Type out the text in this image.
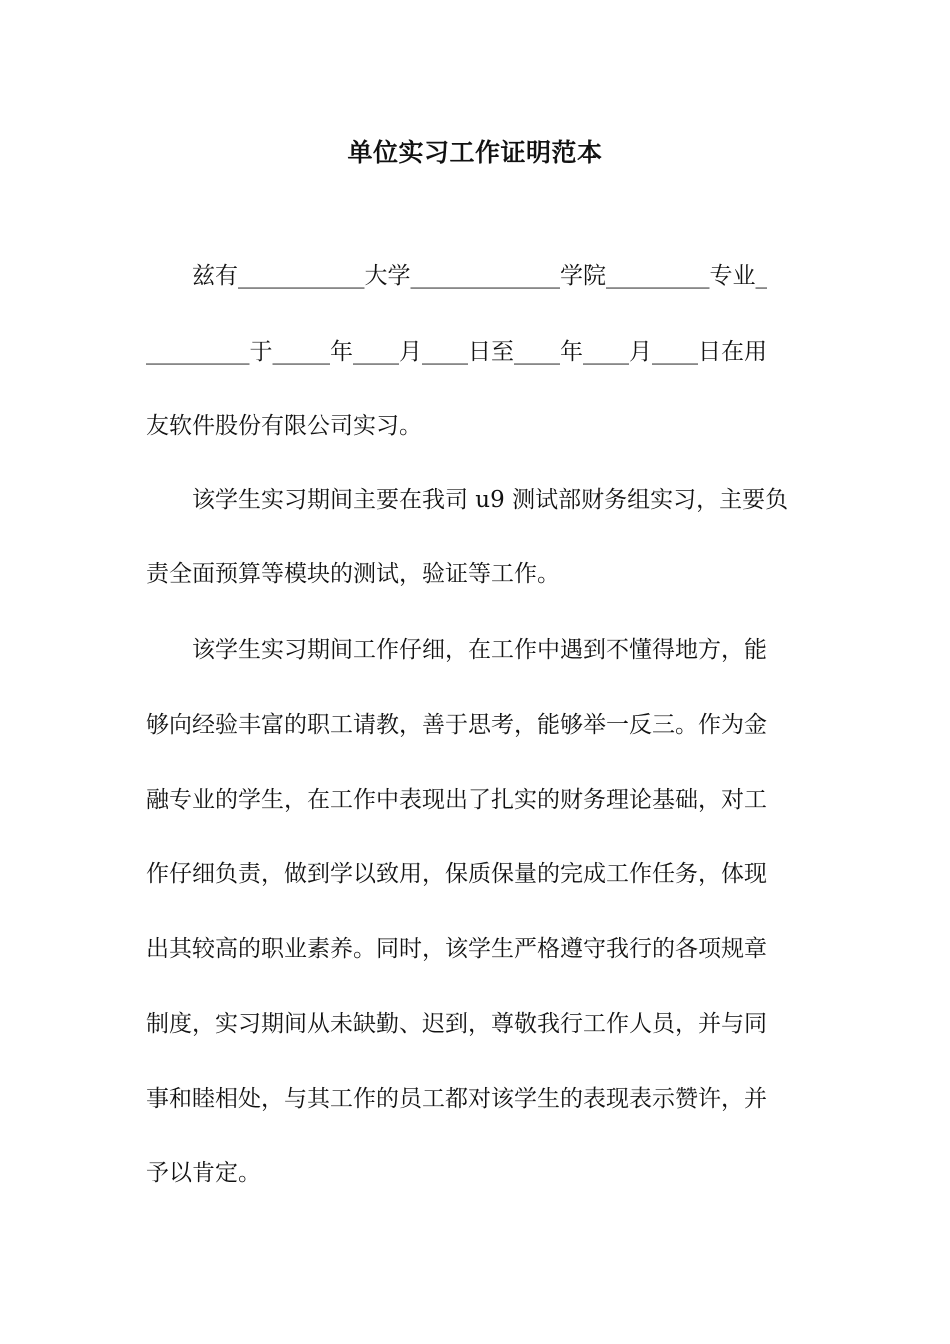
单位实习工作证明范本
　　兹有___________大学_____________学院_________专业_
_________于_____年____月____日至____年____月____日在用
友软件股份有限公司实习。
　　该学生实习期间主要在我司 u9 测试部财务组实习，主要负
责全面预算等模块的测试，验证等工作。
　　该学生实习期间工作仔细，在工作中遇到不懂得地方，能
够向经验丰富的职工请教，善于思考，能够举一反三。作为金
融专业的学生，在工作中表现出了扎实的财务理论基础，对工
作仔细负责，做到学以致用，保质保量的完成工作任务，体现
出其较高的职业素养。同时，该学生严格遵守我行的各项规章
制度，实习期间从未缺勤、迟到，尊敬我行工作人员，并与同
事和睦相处，与其工作的员工都对该学生的表现表示赞许，并
予以肯定。
